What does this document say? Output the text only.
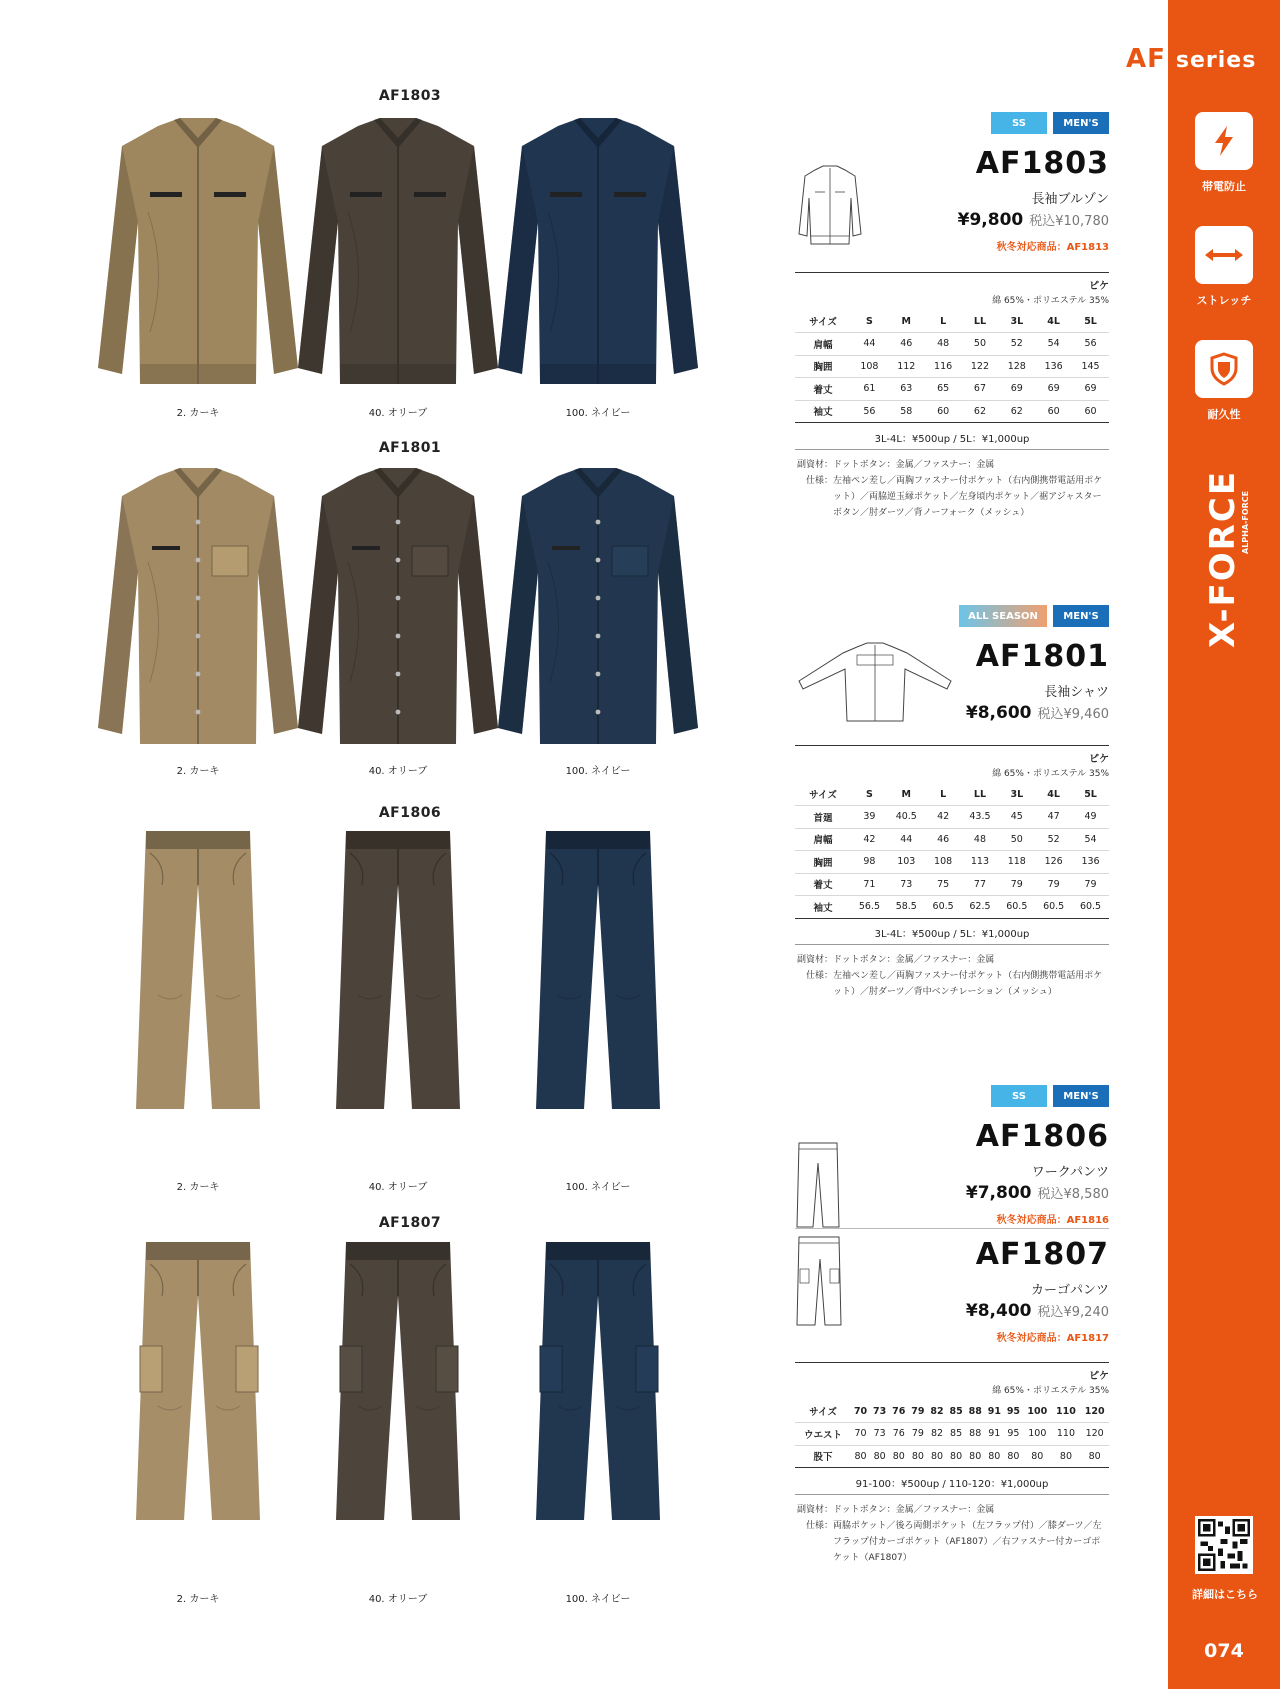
AF1803
2. カーキ	40. オリーブ	100. ネイビー
AF1801
2. カーキ	40. オリーブ	100. ネイビー
AF1806
2. カーキ	40. オリーブ	100. ネイビー
AF1807
2. カーキ	40. オリーブ	100. ネイビー
SS	MEN'S
AF1803
長袖ブルゾン
¥9,800 税込¥10,780
秋冬対応商品：AF1813
ALL SEASON	MEN'S
AF1801
長袖シャツ
¥8,600 税込¥9,460
SS	MEN'S
AF1806
ワークパンツ
¥7,800 税込¥8,580
秋冬対応商品：AF1816
AF1807
カーゴパンツ
¥8,400 税込¥9,240
秋冬対応商品：AF1817
ピケ
綿 65%・ポリエステル 35%
サイズ	S	M	L	LL	3L	4L	5L
肩幅	44	46	48	50	52	54	56
胸囲	108	112	116	122	128	136	145
着丈	61	63	65	67	69	69	69
袖丈	56	58	60	62	62	60	60
3L-4L：¥500up / 5L：¥1,000up
副資材： ドットボタン：金属／ファスナー：金属
仕様： 左袖ペン差し／両胸ファスナー付ポケット（右内側携帯電話用ポケット）／両脇逆玉縁ポケット／左身頃内ポケット／裾アジャスターボタン／肘ダーツ／背ノーフォーク（メッシュ）
ピケ
綿 65%・ポリエステル 35%
サイズ	S	M	L	LL	3L	4L	5L
首廻	39	40.5	42	43.5	45	47	49
肩幅	42	44	46	48	50	52	54
胸囲	98	103	108	113	118	126	136
着丈	71	73	75	77	79	79	79
袖丈	56.5	58.5	60.5	62.5	60.5	60.5	60.5
3L-4L：¥500up / 5L：¥1,000up
副資材： ドットボタン：金属／ファスナー：金属
仕様： 左袖ペン差し／両胸ファスナー付ポケット（右内側携帯電話用ポケット）／肘ダーツ／背中ベンチレーション（メッシュ）
ピケ
綿 65%・ポリエステル 35%
サイズ	70	73	76	79	82	85	88	91	95	100	110	120
ウエスト	70	73	76	79	82	85	88	91	95	100	110	120
股下	80	80	80	80	80	80	80	80	80	80	80	80
91-100：¥500up / 110-120：¥1,000up
副資材： ドットボタン：金属／ファスナー：金属
仕様： 両脇ポケット／後ろ両側ポケット（左フラップ付）／膝ダーツ／左フラップ付カーゴポケット（AF1807）／右ファスナー付カーゴポケット（AF1807）
AF series
帯電防止
ストレッチ
耐久性
X-FORCE
ALPHA-FORCE
詳細はこちら
074
